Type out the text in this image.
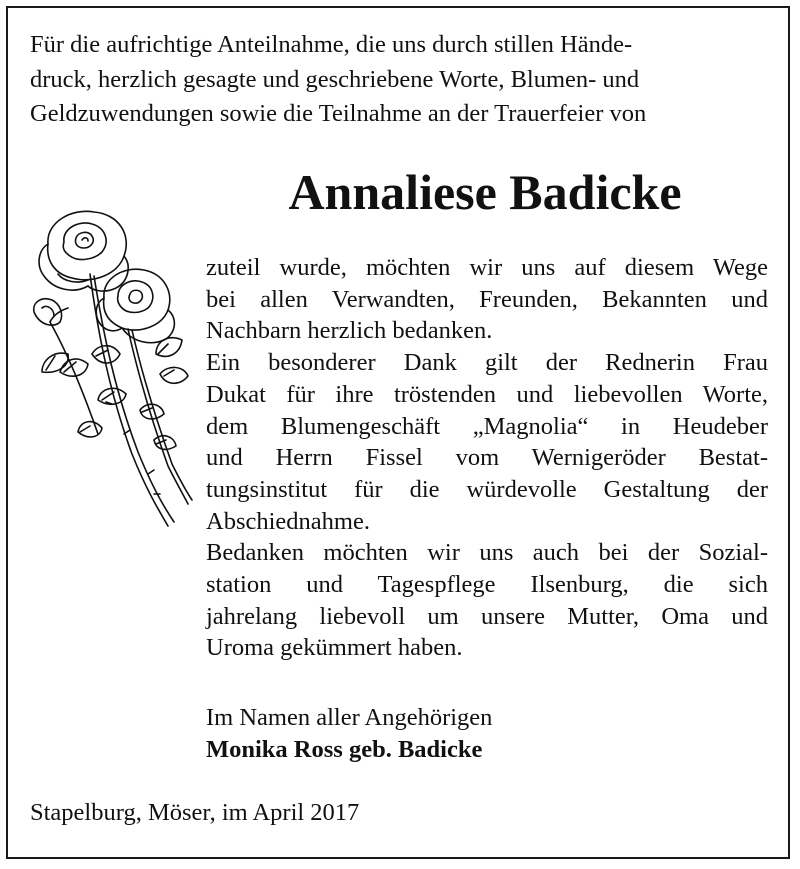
Für die aufrichtige Anteilnahme, die uns durch stillen Hände-
druck, herzlich gesagte und geschriebene Worte, Blumen- und
Geldzuwendungen sowie die Teilnahme an der Trauerfeier von
Annaliese Badicke
zuteil wurde, möchten wir uns auf diesem Wege
bei allen Verwandten, Freunden, Bekannten und
Nachbarn herzlich bedanken.
Ein besonderer Dank gilt der Rednerin Frau
Dukat für ihre tröstenden und liebevollen Worte,
dem Blumengeschäft „Magnolia“ in Heudeber
und Herrn Fissel vom Wernigeröder Bestat-
tungsinstitut für die würdevolle Gestaltung der
Abschiednahme.
Bedanken möchten wir uns auch bei der Sozial-
station und Tagespflege Ilsenburg, die sich
jahrelang liebevoll um unsere Mutter, Oma und
Uroma gekümmert haben.
Im Namen aller Angehörigen
Monika Ross geb. Badicke
Stapelburg, Möser, im April 2017
